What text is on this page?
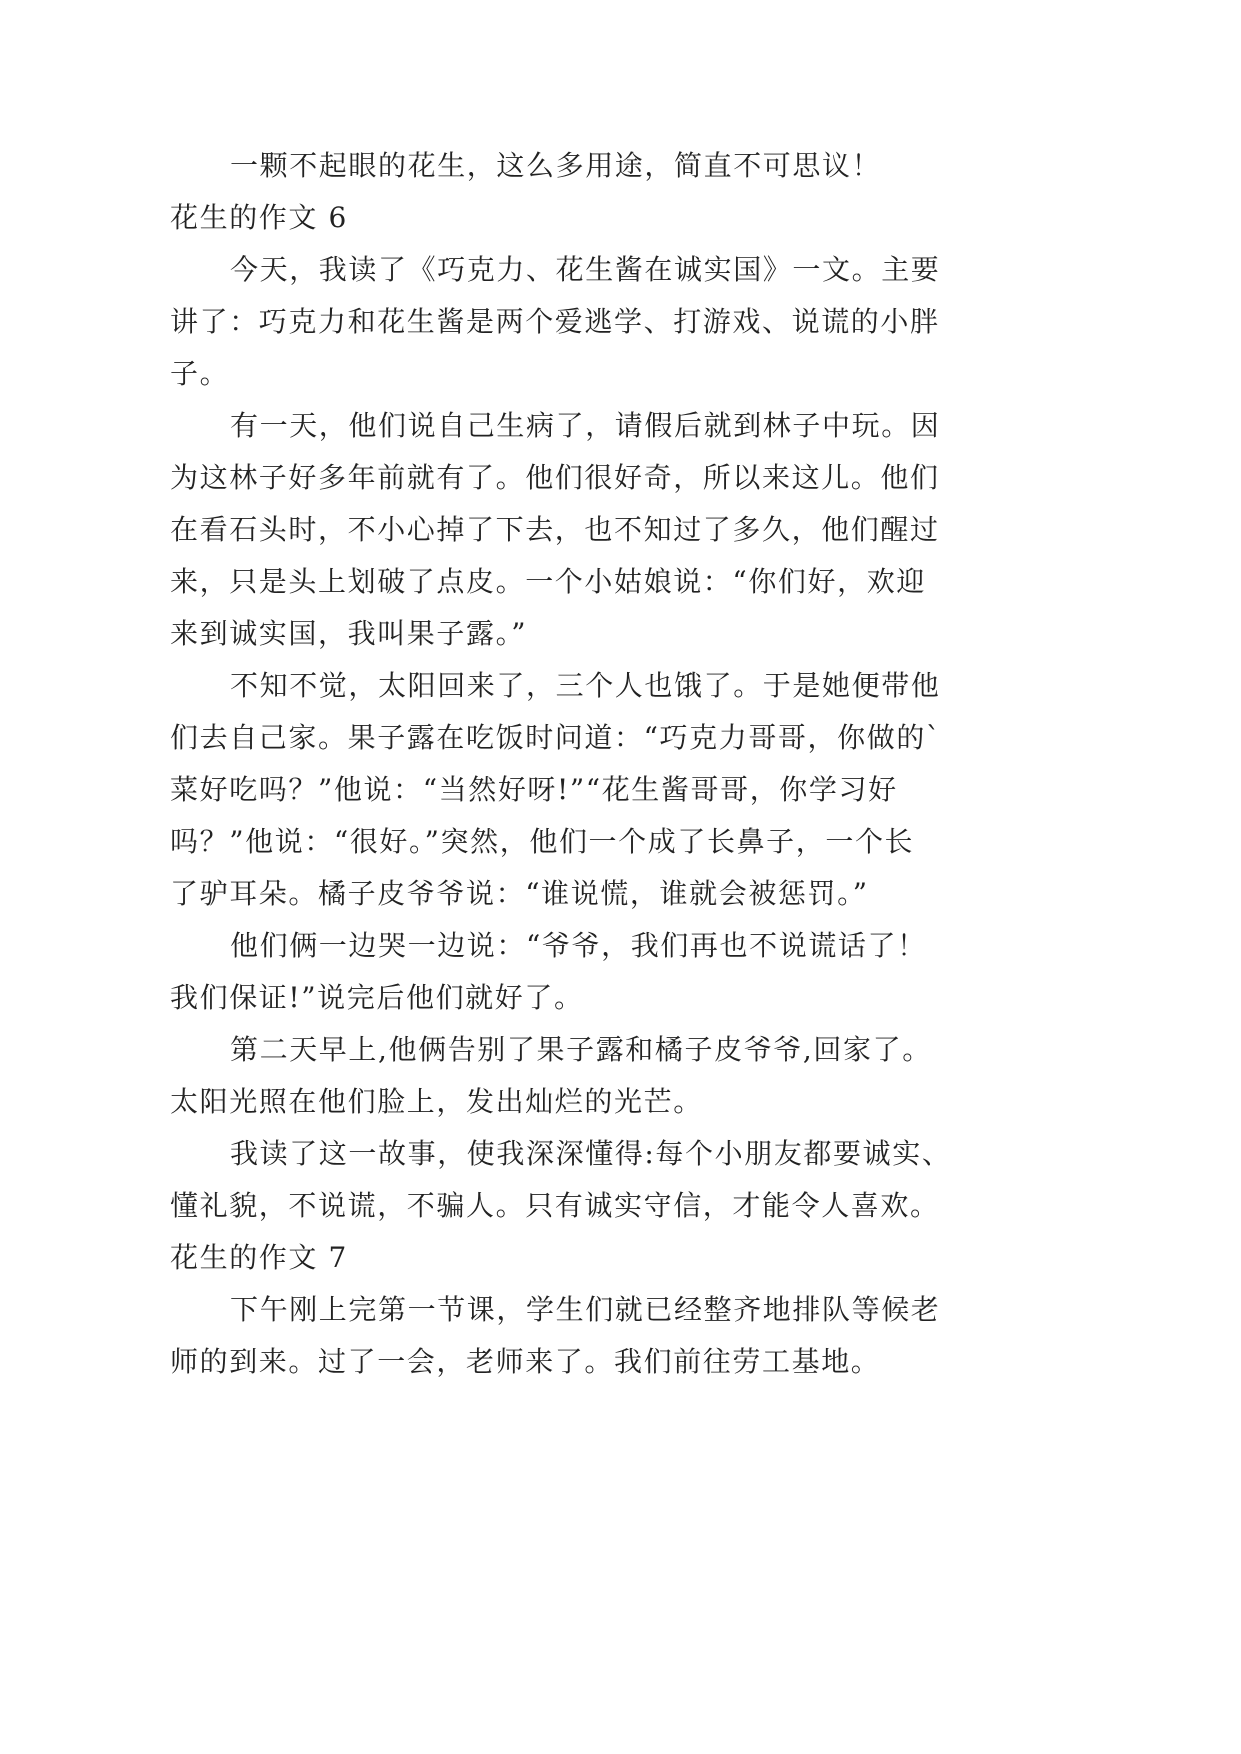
一颗不起眼的花生，这么多用途，简直不可思议！
花生的作文 6
今天，我读了《巧克力、花生酱在诚实国》一文。主要
讲了：巧克力和花生酱是两个爱逃学、打游戏、说谎的小胖
子。
有一天，他们说自己生病了，请假后就到林子中玩。因
为这林子好多年前就有了。他们很好奇，所以来这儿。他们
在看石头时，不小心掉了下去，也不知过了多久，他们醒过
来，只是头上划破了点皮。一个小姑娘说：“你们好，欢迎
来到诚实国，我叫果子露。”
不知不觉，太阳回来了，三个人也饿了。于是她便带他
们去自己家。果子露在吃饭时问道：“巧克力哥哥，你做的`
菜好吃吗？”他说：“当然好呀!”“花生酱哥哥，你学习好
吗？”他说：“很好。”突然，他们一个成了长鼻子，一个长
了驴耳朵。橘子皮爷爷说：“谁说慌，谁就会被惩罚。”
他们俩一边哭一边说：“爷爷，我们再也不说谎话了！
我们保证!”说完后他们就好了。
第二天早上,他俩告别了果子露和橘子皮爷爷,回家了。
太阳光照在他们脸上，发出灿烂的光芒。
我读了这一故事，使我深深懂得:每个小朋友都要诚实、
懂礼貌，不说谎，不骗人。只有诚实守信，才能令人喜欢。
花生的作文 7
下午刚上完第一节课，学生们就已经整齐地排队等候老
师的到来。过了一会，老师来了。我们前往劳工基地。
